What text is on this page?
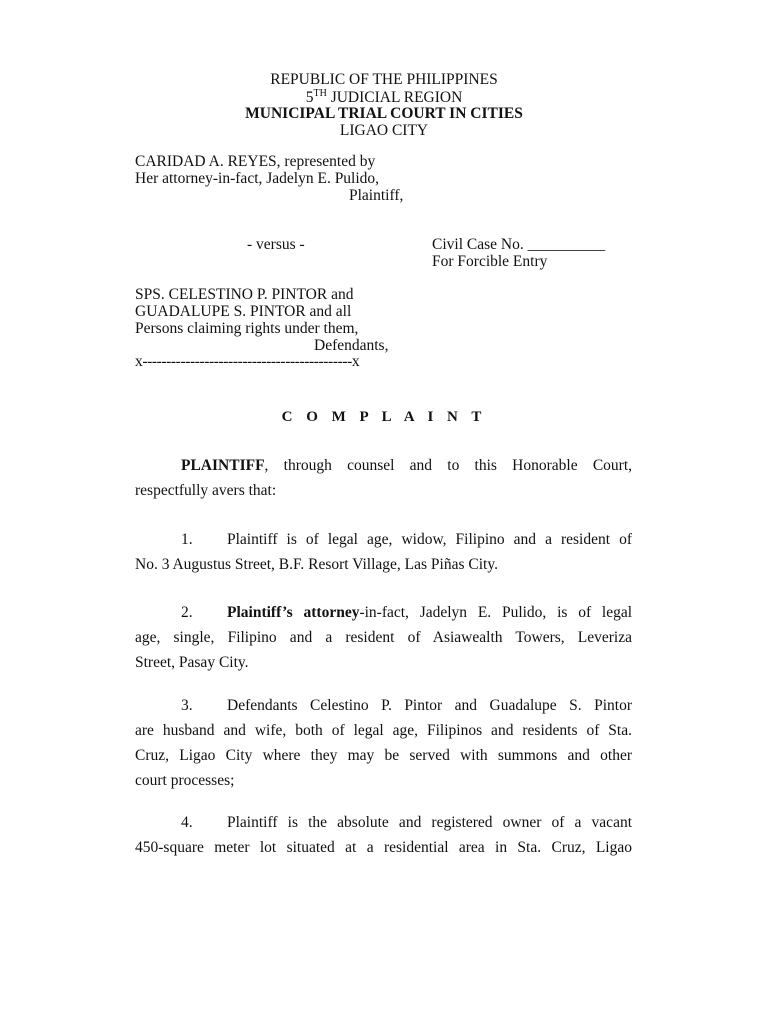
REPUBLIC OF THE PHILIPPINES
5TH JUDICIAL REGION
MUNICIPAL TRIAL COURT IN CITIES
LIGAO CITY
CARIDAD A. REYES, represented by
Her attorney-in-fact, Jadelyn E. Pulido,
Plaintiff,
- versus -	Civil Case No. __________
For Forcible Entry
SPS. CELESTINO P. PINTOR and
GUADALUPE S. PINTOR and all
Persons claiming rights under them,
Defendants,
x--------------------------------------------x
C O M P L A I N T
PLAINTIFF, through counsel and to this Honorable Court,
respectfully avers that:
1. Plaintiff is of legal age, widow, Filipino and a resident of
No. 3 Augustus Street, B.F. Resort Village, Las Piñas City.
2. Plaintiff’s attorney-in-fact, Jadelyn E. Pulido, is of legal
age, single, Filipino and a resident of Asiawealth Towers, Leveriza
Street, Pasay City.
3. Defendants Celestino P. Pintor and Guadalupe S. Pintor
are husband and wife, both of legal age, Filipinos and residents of Sta.
Cruz, Ligao City where they may be served with summons and other
court processes;
4. Plaintiff is the absolute and registered owner of a vacant
450-square meter lot situated at a residential area in Sta. Cruz, Ligao
